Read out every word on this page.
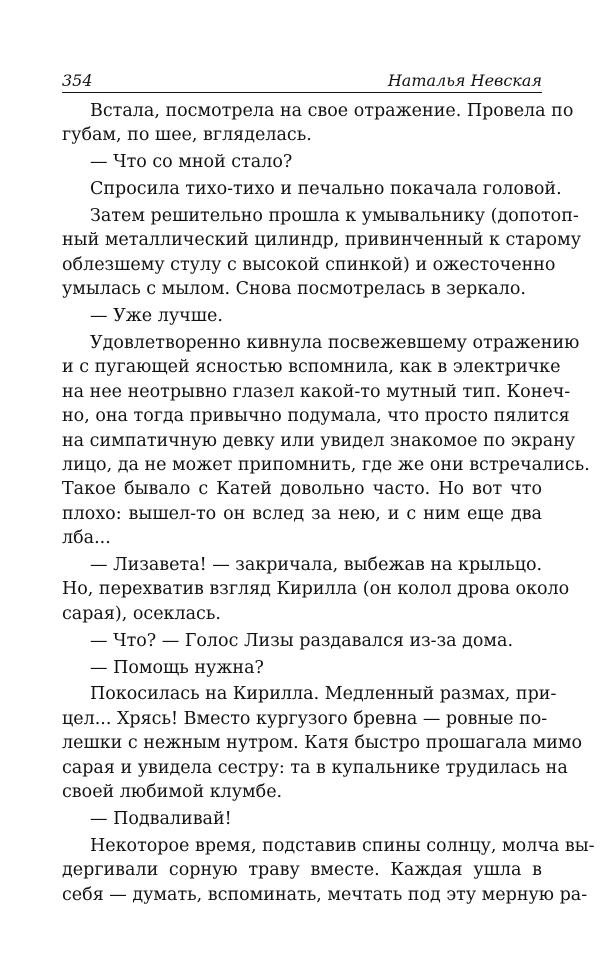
354	Наталья Невская
Встала, посмотрела на свое отражение. Провела по
губам, по шее, вгляделась.
— Что со мной стало?
Спросила тихо-тихо и печально покачала головой.
Затем решительно прошла к умывальнику (допотоп-
ный металлический цилиндр, привинченный к старому
облезшему стулу с высокой спинкой) и ожесточенно
умылась с мылом. Снова посмотрелась в зеркало.
— Уже лучше.
Удовлетворенно кивнула посвежевшему отражению
и с пугающей ясностью вспомнила, как в электричке
на нее неотрывно глазел какой-то мутный тип. Конеч-
но, она тогда привычно подумала, что просто пялится
на симпатичную девку или увидел знакомое по экрану
лицо, да не может припомнить, где же они встречались.
Такое бывало с Катей довольно часто. Но вот что
плохо: вышел-то он вслед за нею, и с ним еще два
лба...
— Лизавета! — закричала, выбежав на крыльцо.
Но, перехватив взгляд Кирилла (он колол дрова около
сарая), осеклась.
— Что? — Голос Лизы раздавался из-за дома.
— Помощь нужна?
Покосилась на Кирилла. Медленный размах, при-
цел... Хрясь! Вместо кургузого бревна — ровные по-
лешки с нежным нутром. Катя быстро прошагала мимо
сарая и увидела сестру: та в купальнике трудилась на
своей любимой клумбе.
— Подваливай!
Некоторое время, подставив спины солнцу, молча вы-
дергивали сорную траву вместе. Каждая ушла в
себя — думать, вспоминать, мечтать под эту мерную ра-
